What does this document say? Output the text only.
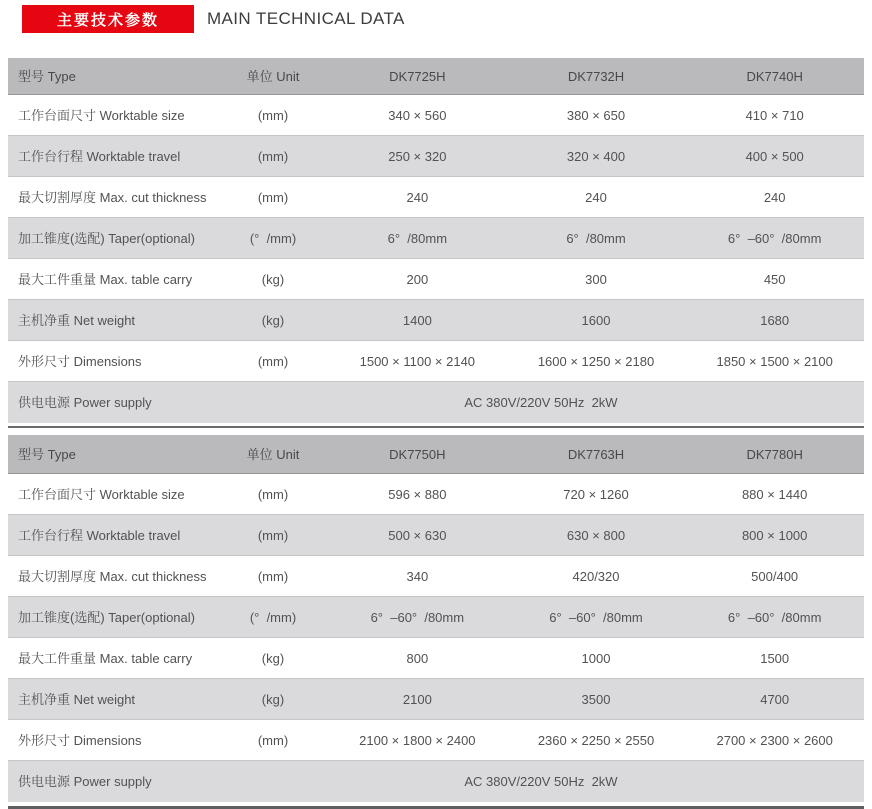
主要技术参数	MAIN TECHNICAL DATA
型号 Type	单位 Unit	DK7725H	DK7732H	DK7740H
工作台面尺寸 Worktable size	(mm)	340 × 560	380 × 650	410 × 710
工作台行程 Worktable travel	(mm)	250 × 320	320 × 400	400 × 500
最大切割厚度 Max. cut thickness	(mm)	240	240	240
加工锥度(选配) Taper(optional)	(°  /mm)	6°  /80mm	6°  /80mm	6°  –60°  /80mm
最大工件重量 Max. table carry	(kg)	200	300	450
主机净重 Net weight	(kg)	1400	1600	1680
外形尺寸 Dimensions	(mm)	1500 × 1100 × 2140	1600 × 1250 × 2180	1850 × 1500 × 2100
供电电源 Power supply	AC 380V/220V 50Hz  2kW
型号 Type	单位 Unit	DK7750H	DK7763H	DK7780H
工作台面尺寸 Worktable size	(mm)	596 × 880	720 × 1260	880 × 1440
工作台行程 Worktable travel	(mm)	500 × 630	630 × 800	800 × 1000
最大切割厚度 Max. cut thickness	(mm)	340	420/320	500/400
加工锥度(选配) Taper(optional)	(°  /mm)	6°  –60°  /80mm	6°  –60°  /80mm	6°  –60°  /80mm
最大工件重量 Max. table carry	(kg)	800	1000	1500
主机净重 Net weight	(kg)	2100	3500	4700
外形尺寸 Dimensions	(mm)	2100 × 1800 × 2400	2360 × 2250 × 2550	2700 × 2300 × 2600
供电电源 Power supply	AC 380V/220V 50Hz  2kW
